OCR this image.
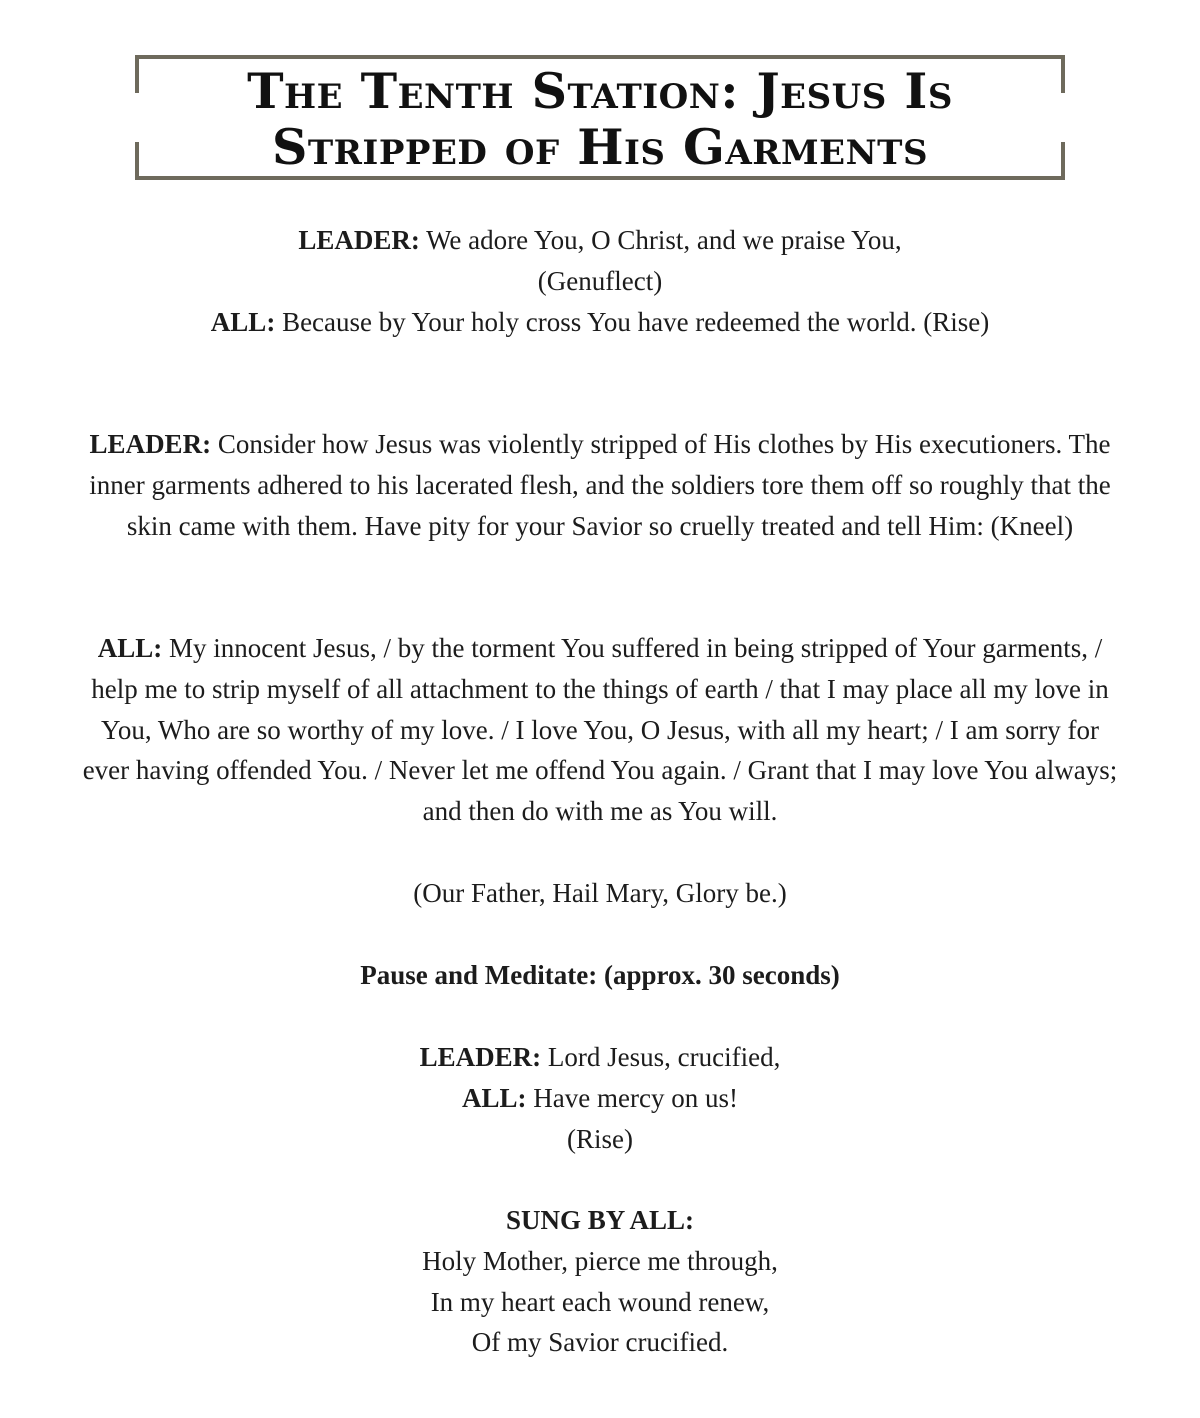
The Tenth Station: Jesus Is
Stripped of His Garments

LEADER: We adore You, O Christ, and we praise You,

(Genuflect)

ALL: Because by Your holy cross You have redeemed the world. (Rise)

LEADER: Consider how Jesus was violently stripped of His clothes by His executioners. The inner garments adhered to his lacerated flesh, and the soldiers tore them off so roughly that the skin came with them. Have pity for your Savior so cruelly treated and tell Him: (Kneel)

ALL: My innocent Jesus, / by the torment You suffered in being stripped of Your garments, / help me to strip myself of all attachment to the things of earth / that I may place all my love in You, Who are so worthy of my love. / I love You, O Jesus, with all my heart; / I am sorry for ever having offended You. / Never let me offend You again. / Grant that I may love You always; and then do with me as You will.

(Our Father, Hail Mary, Glory be.)

Pause and Meditate: (approx. 30 seconds)

LEADER: Lord Jesus, crucified,

ALL: Have mercy on us!

(Rise)

SUNG BY ALL:

Holy Mother, pierce me through,

In my heart each wound renew,

Of my Savior crucified.
